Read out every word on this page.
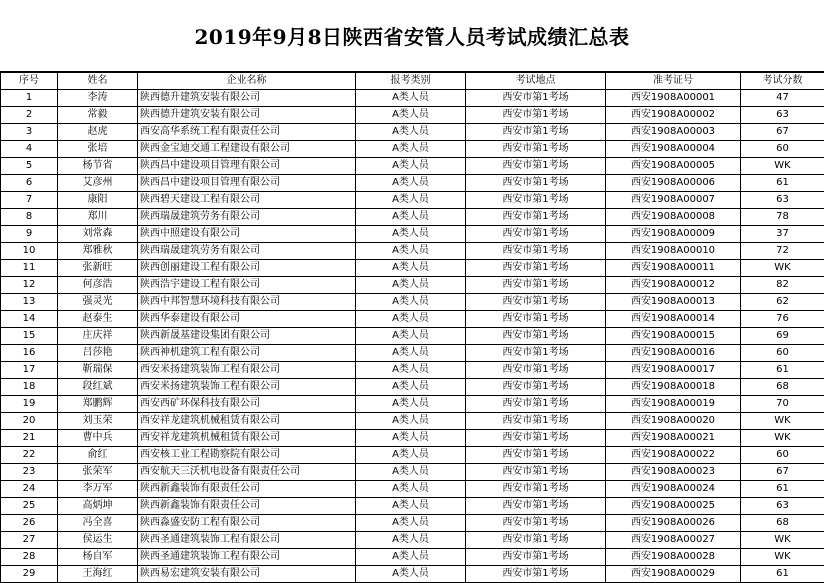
2019年9月8日陕西省安管人员考试成绩汇总表
序号	姓名	企业名称	报考类别	考试地点	准考证号	考试分数
1	李涛	陕西德升建筑安装有限公司	A类人员	西安市第1考场	西安1908A00001	47
2	常毅	陕西德升建筑安装有限公司	A类人员	西安市第1考场	西安1908A00002	63
3	赵虎	西安高华系统工程有限责任公司	A类人员	西安市第1考场	西安1908A00003	67
4	张培	陕西金宝迪交通工程建设有限公司	A类人员	西安市第1考场	西安1908A00004	60
5	杨节省	陕西昌中建设项目管理有限公司	A类人员	西安市第1考场	西安1908A00005	WK
6	艾彦州	陕西昌中建设项目管理有限公司	A类人员	西安市第1考场	西安1908A00006	61
7	康阳	陕西碧天建设工程有限公司	A类人员	西安市第1考场	西安1908A00007	63
8	郑川	陕西瑞晟建筑劳务有限公司	A类人员	西安市第1考场	西安1908A00008	78
9	刘常森	陕西中照建设有限公司	A类人员	西安市第1考场	西安1908A00009	37
10	郑雅秋	陕西瑞晟建筑劳务有限公司	A类人员	西安市第1考场	西安1908A00010	72
11	张新旺	陕西创丽建设工程有限公司	A类人员	西安市第1考场	西安1908A00011	WK
12	何彦浩	陕西浩宇建设工程有限公司	A类人员	西安市第1考场	西安1908A00012	82
13	强灵光	陕西中邦智慧环境科技有限公司	A类人员	西安市第1考场	西安1908A00013	62
14	赵泰生	陕西华泰建设有限公司	A类人员	西安市第1考场	西安1908A00014	76
15	庄庆祥	陕西新晟基建设集团有限公司	A类人员	西安市第1考场	西安1908A00015	69
16	吕莎艳	陕西神机建筑工程有限公司	A类人员	西安市第1考场	西安1908A00016	60
17	靳瑞保	西安米扬建筑装饰工程有限公司	A类人员	西安市第1考场	西安1908A00017	61
18	段红斌	西安米扬建筑装饰工程有限公司	A类人员	西安市第1考场	西安1908A00018	68
19	郑鹏辉	西安西矿环保科技有限公司	A类人员	西安市第1考场	西安1908A00019	70
20	刘玉荣	西安祥龙建筑机械租赁有限公司	A类人员	西安市第1考场	西安1908A00020	WK
21	曹中兵	西安祥龙建筑机械租赁有限公司	A类人员	西安市第1考场	西安1908A00021	WK
22	俞红	西安核工业工程勘察院有限公司	A类人员	西安市第1考场	西安1908A00022	60
23	张荣军	西安航天三沃机电设备有限责任公司	A类人员	西安市第1考场	西安1908A00023	67
24	李万军	陕西新鑫装饰有限责任公司	A类人员	西安市第1考场	西安1908A00024	61
25	高炳坤	陕西新鑫装饰有限责任公司	A类人员	西安市第1考场	西安1908A00025	63
26	冯全喜	陕西淼盛安防工程有限公司	A类人员	西安市第1考场	西安1908A00026	68
27	侯运生	陕西圣通建筑装饰工程有限公司	A类人员	西安市第1考场	西安1908A00027	WK
28	杨自军	陕西圣通建筑装饰工程有限公司	A类人员	西安市第1考场	西安1908A00028	WK
29	王海红	陕西易宏建筑安装有限公司	A类人员	西安市第1考场	西安1908A00029	61
